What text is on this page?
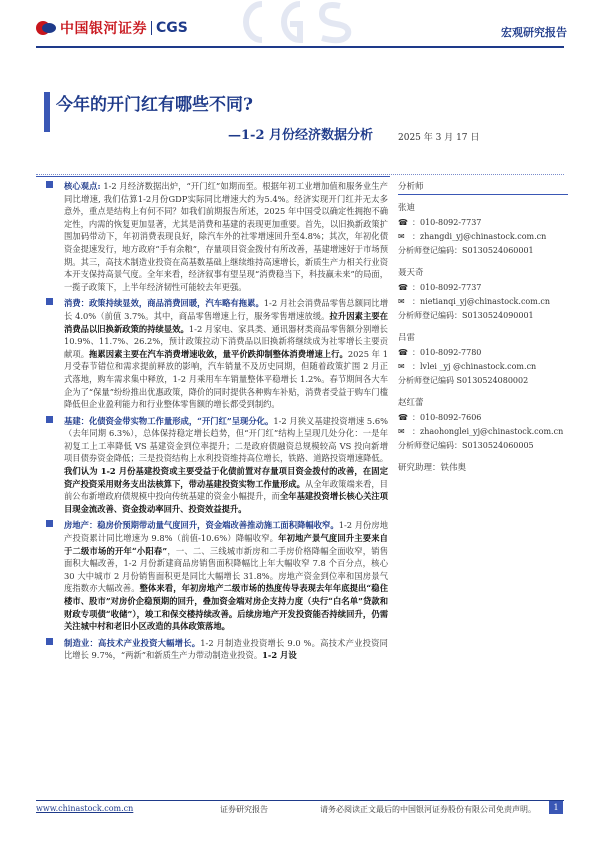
中国银河证券 CGS	宏观研究报告
今年的开门红有哪些不同?
—1-2 月份经济数据分析	2025 年 3 月 17 日
核心观点: 1-2 月经济数据出炉，“开门红”如期而至。根据年初工业增加值和服务业生产同比增速, 我们估算1-2月份GDP实际同比增速大约为5.4%。经济实现开门红并无太多意外，重点是结构上有何不同？如我们前期报告所述，2025 年中国受以确定性拥抱不确定性，内需的恢复更加显著，尤其是消费和基建的表现更加重要。首先，以旧换新政策扩围加码带动下，年初消费表现良好，除汽车外的社零增速回升至4.8%；其次，年初化债资金提速发行，地方政府“手有余粮”，存量项目资金拨付有所改善，基建增速好于市场预期。其三，高技术制造业投资在高基数基础上继续维持高速增长，新质生产力相关行业资本开支保持高景气度。全年来看，经济叙事有望呈现“消费稳当下，科技赢未来”的局面，一揽子政策下，上半年经济韧性可能较去年更强。
消费：政策持续显效，商品消费回暖，汽车略有拖累。1-2 月社会消费品零售总额同比增长 4.0%（前值 3.7%。其中，商品零售增速上行，服务零售增速放缓。拉升因素主要在消费品以旧换新政策的持续显效。1-2 月家电、家具类、通讯器材类商品零售额分别增长 10.9%、11.7%、26.2%，预计政策拉动下消费品以旧换新将继续成为社零增长主要贡献项。拖累因素主要在汽车消费增速收敛，量平价跌抑制整体消费增速上行。2025 年 1 月受春节错位和需求提前释放的影响，汽车销量不及历史同期，但随着政策扩围 2 月正式落地，购车需求集中释放，1-2 月乘用车车销量整体平稳增长 1.2%。春节期间各大车企为了“保量”纷纷推出优惠政策，降价的同时提供各种购车补贴，消费者受益于购车门槛降低但企业盈利能力和行业整体零售额的增长都受到制约。
基建：化债资金带实物工作量形成，“开门红”呈现分化。1-2 月狭义基建投资增速 5.6%（去年同期 6.3%），总体保持稳定增长趋势，但“开门红”结构上呈现几处分化：一是年初复工上工率降低 VS 基建资金到位率提升；二是政府债融资总规模较高 VS 投向新增项目债券资金降低；三是投资结构上水利投资维持高位增长，铁路、道路投资增速降低。我们认为 1-2 月份基建投资或主要受益于化债前置对存量项目资金拨付的改善，在固定资产投资采用财务支出法核算下，带动基建投资实物工作量形成。从全年政策端来看，目前公布新增政府债规模中投向传统基建的资金小幅提升，而全年基建投资增长核心关注项目现金流改善、资金拨动率回升、投资效益提升。
房地产：稳房价预期带动量气度回升，资金端改善推动施工面积降幅收窄。1-2 月份房地产投资累计同比增速为 9.8%（前值-10.6%）降幅收窄。年初地产景气度回升主要来自于二级市场的开年“小阳春”，一、二、三线城市新房和二手房价格降幅全面收窄，销售面积大幅改善，1-2 月份新建商品房销售面积降幅比上年大幅收窄 7.8 个百分点，核心 30 大中城市 2 月份销售面积更是同比大幅增长 31.8%。房地产资金到位率和国房景气度指数亦大幅改善。整体来看，年初房地产二级市场的热度传导表现去年年底提出“稳住楼市、股市”对房价企稳预期的回升，叠加资金端对房企支持力度（央行“白名单”贷款和财政专项债“收储”），竣工和保交楼持续改善。后续房地产开发投资能否持续回升，仍需关注城中村和老旧小区改造的具体政策落地。
制造业：高技术产业投资大幅增长。1-2 月制造业投资增长 9.0 %。高技术产业投资同比增长 9.7%，“两新”和新质生产力带动制造业投资。1-2 月设
分析师
张迪
☎ ： 010-8092-7737
✉ ： zhangdi_yj@chinastock.com.cn
分析师登记编码：S0130524060001
聂天奇
☎ ： 010-8092-7737
✉ ： nietianqi_yj@chinastock.com.cn
分析师登记编码：S0130524090001
吕雷
☎ ： 010-8092-7780
✉ ： lvlei _yj @chinastock.com.cn
分析师登记编码 S0130524080002
赵红蕾
☎ ： 010-8092-7606
✉ ： zhaohonglei_yj@chinastock.com.cn
分析师登记编码：S0130524060005
研究助理：铁伟奥
www.chinastock.com.cn	证券研究报告	请务必阅读正文最后的中国银河证券股份有限公司免责声明。	1
